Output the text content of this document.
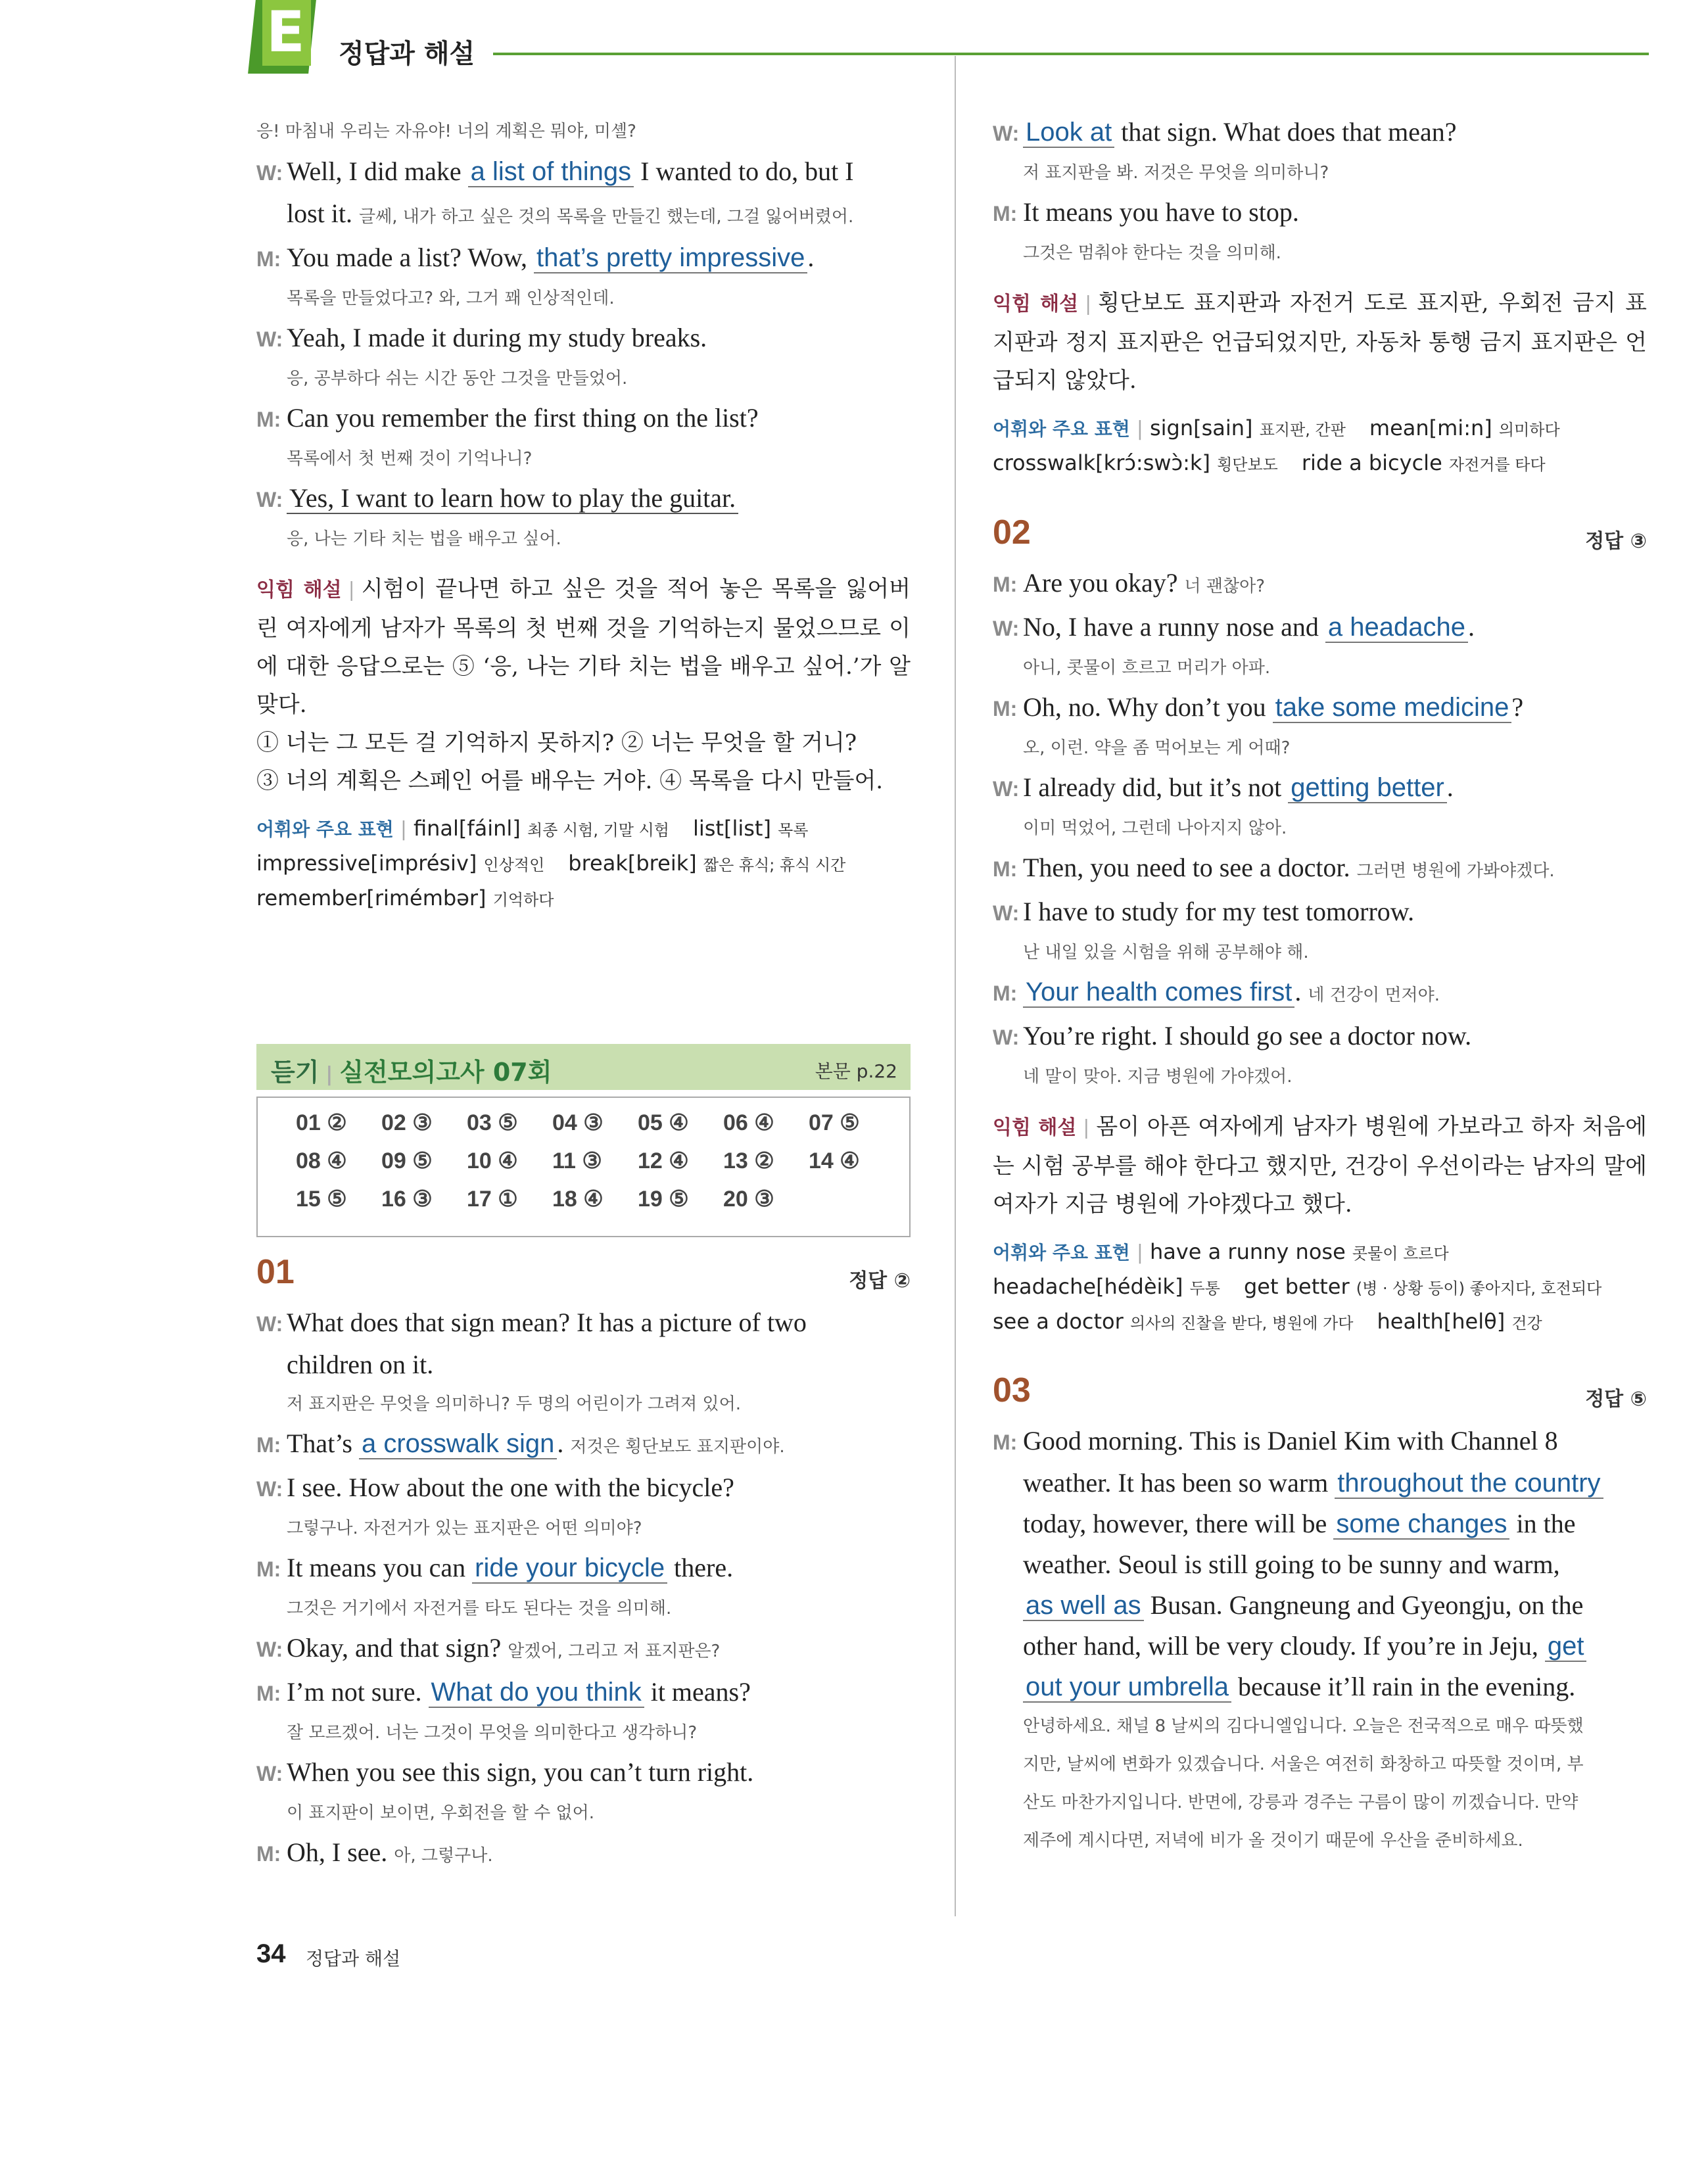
E 정답과 해설
응! 마침내 우리는 자유야! 너의 계획은 뭐야, 미셸?
W: Well, I did make a list of things I wanted to do, but I
lost it. 글쎄, 내가 하고 싶은 것의 목록을 만들긴 했는데, 그걸 잃어버렸어.
M: You made a list? Wow, that’s pretty impressive .
목록을 만들었다고? 와, 그거 꽤 인상적인데.
W: Yeah, I made it during my study breaks.
응, 공부하다 쉬는 시간 동안 그것을 만들었어.
M: Can you remember the first thing on the list?
목록에서 첫 번째 것이 기억나니?
W: Yes, I want to learn how to play the guitar.
응, 나는 기타 치는 법을 배우고 싶어.
익힘 해설 | 시험이 끝나면 하고 싶은 것을 적어 놓은 목록을 잃어버린 여자에게 남자가 목록의 첫 번째 것을 기억하는지 물었으므로 이에 대한 응답으로는 ⑤ ‘응, 나는 기타 치는 법을 배우고 싶어.’가 알맞다.
① 너는 그 모든 걸 기억하지 못하지? ② 너는 무엇을 할 거니?
③ 너의 계획은 스페인 어를 배우는 거야. ④ 목록을 다시 만들어.
어휘와 주요 표현 | final[fáinl] 최종 시험, 기말 시험 list[list] 목록
impressive[imprésiv] 인상적인 break[breik] 짧은 휴식; 휴식 시간
remember[rimémbər] 기억하다
듣기 | 실전모의고사 07회	본문 p.22
01 ②	02 ③	03 ⑤	04 ③	05 ④	06 ④	07 ⑤
08 ④	09 ⑤	10 ④	11 ③	12 ④	13 ②	14 ④
15 ⑤	16 ③	17 ①	18 ④	19 ⑤	20 ③
01	정답 ②
W: What does that sign mean? It has a picture of two
children on it.
저 표지판은 무엇을 의미하니? 두 명의 어린이가 그려져 있어.
M: That’s a crosswalk sign . 저것은 횡단보도 표지판이야.
W: I see. How about the one with the bicycle?
그렇구나. 자전거가 있는 표지판은 어떤 의미야?
M: It means you can ride your bicycle there.
그것은 거기에서 자전거를 타도 된다는 것을 의미해.
W: Okay, and that sign? 알겠어, 그리고 저 표지판은?
M: I’m not sure. What do you think it means?
잘 모르겠어. 너는 그것이 무엇을 의미한다고 생각하니?
W: When you see this sign, you can’t turn right.
이 표지판이 보이면, 우회전을 할 수 없어.
M: Oh, I see. 아, 그렇구나.
W: Look at that sign. What does that mean?
저 표지판을 봐. 저것은 무엇을 의미하니?
M: It means you have to stop.
그것은 멈춰야 한다는 것을 의미해.
익힘 해설 | 횡단보도 표지판과 자전거 도로 표지판, 우회전 금지 표지판과 정지 표지판은 언급되었지만, 자동차 통행 금지 표지판은 언급되지 않았다.
어휘와 주요 표현 | sign[sain] 표지판, 간판 mean[mi:n] 의미하다
crosswalk[krɔ́:swɔ̀:k] 횡단보도 ride a bicycle 자전거를 타다
02	정답 ③
M: Are you okay? 너 괜찮아?
W: No, I have a runny nose and a headache .
아니, 콧물이 흐르고 머리가 아파.
M: Oh, no. Why don’t you take some medicine ?
오, 이런. 약을 좀 먹어보는 게 어때?
W: I already did, but it’s not getting better .
이미 먹었어, 그런데 나아지지 않아.
M: Then, you need to see a doctor. 그러면 병원에 가봐야겠다.
W: I have to study for my test tomorrow.
난 내일 있을 시험을 위해 공부해야 해.
M: Your health comes first . 네 건강이 먼저야.
W: You’re right. I should go see a doctor now.
네 말이 맞아. 지금 병원에 가야겠어.
익힘 해설 | 몸이 아픈 여자에게 남자가 병원에 가보라고 하자 처음에는 시험 공부를 해야 한다고 했지만, 건강이 우선이라는 남자의 말에 여자가 지금 병원에 가야겠다고 했다.
어휘와 주요 표현 | have a runny nose 콧물이 흐르다
headache[hédèik] 두통 get better (병 · 상황 등이) 좋아지다, 호전되다
see a doctor 의사의 진찰을 받다, 병원에 가다 health[helθ] 건강
03	정답 ⑤
M: Good morning. This is Daniel Kim with Channel 8
weather. It has been so warm throughout the country
today, however, there will be some changes in the
weather. Seoul is still going to be sunny and warm,
as well as Busan. Gangneung and Gyeongju, on the
other hand, will be very cloudy. If you’re in Jeju, get
out your umbrella because it’ll rain in the evening.
안녕하세요. 채널 8 날씨의 김다니엘입니다. 오늘은 전국적으로 매우 따뜻했
지만, 날씨에 변화가 있겠습니다. 서울은 여전히 화창하고 따뜻할 것이며, 부
산도 마찬가지입니다. 반면에, 강릉과 경주는 구름이 많이 끼겠습니다. 만약
제주에 계시다면, 저녁에 비가 올 것이기 때문에 우산을 준비하세요.
34 정답과 해설
